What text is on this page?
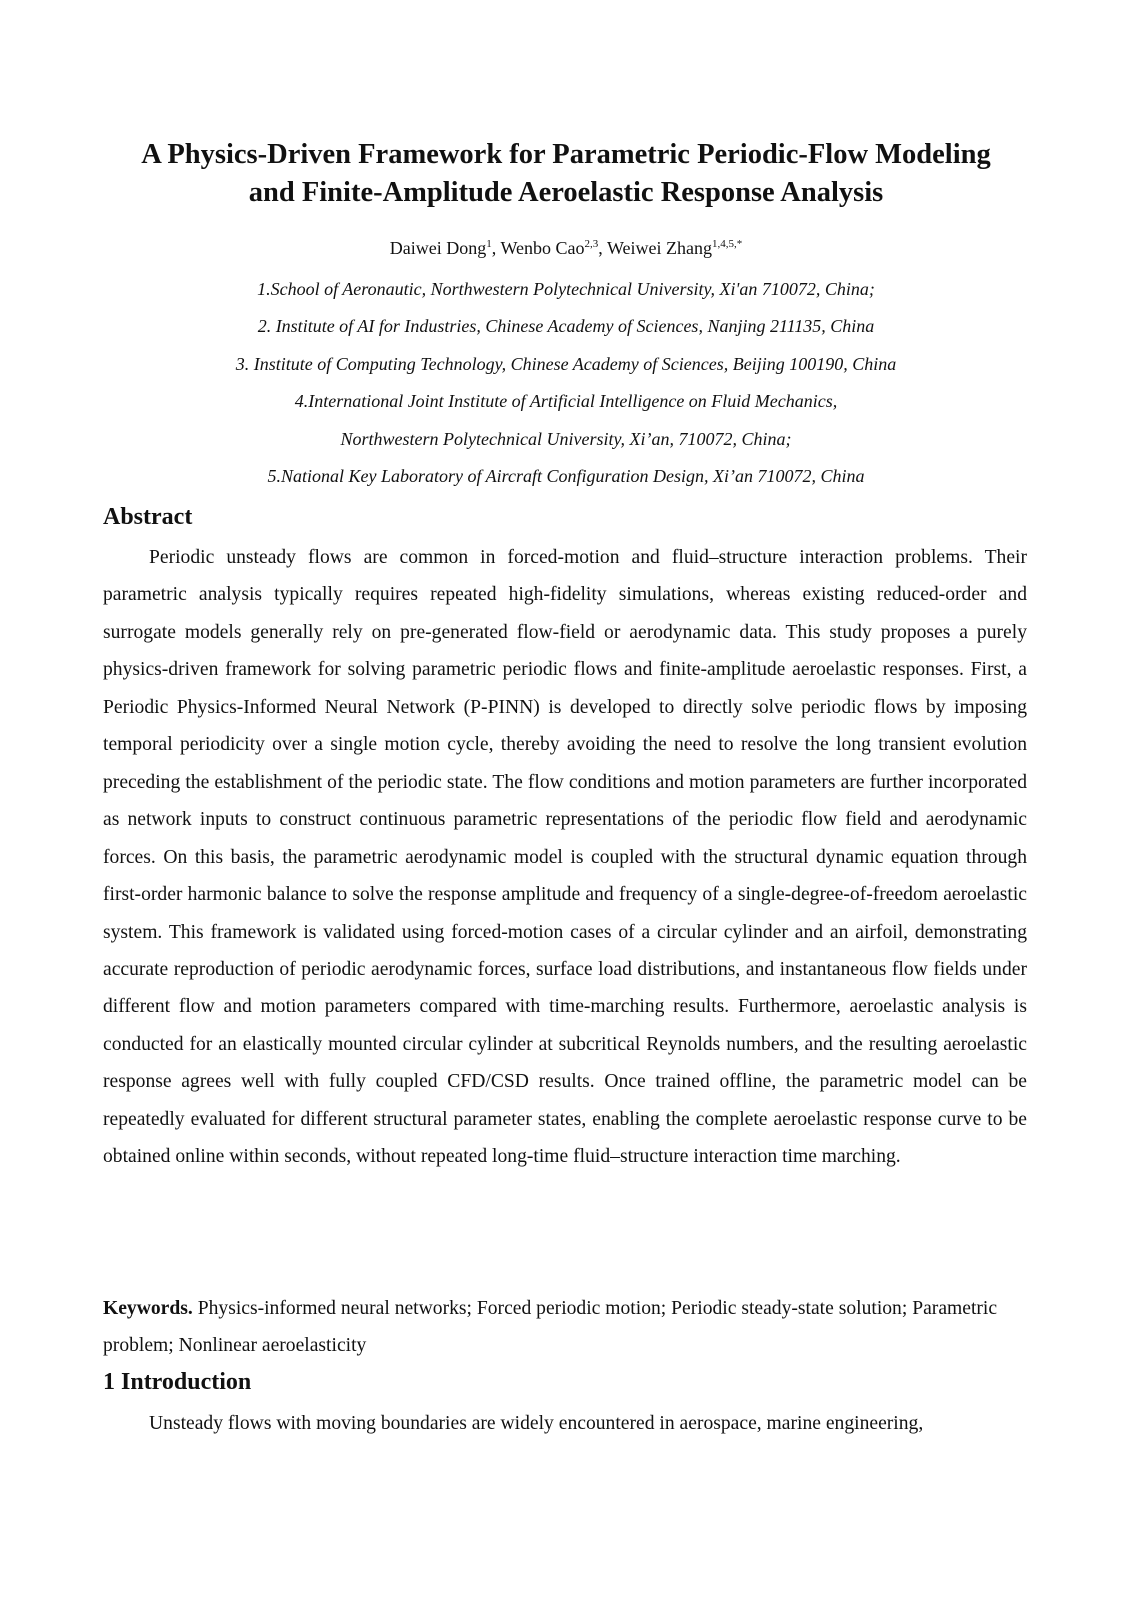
A Physics-Driven Framework for Parametric Periodic-Flow Modeling
and Finite-Amplitude Aeroelastic Response Analysis
Daiwei Dong$^1$, Wenbo Cao$^{2,3}$, Weiwei Zhang$^{1,4,5,*}$
1.School of Aeronautic, Northwestern Polytechnical University, Xi'an 710072, China;
2. Institute of AI for Industries, Chinese Academy of Sciences, Nanjing 211135, China
3. Institute of Computing Technology, Chinese Academy of Sciences, Beijing 100190, China
4.International Joint Institute of Artificial Intelligence on Fluid Mechanics,
Northwestern Polytechnical University, Xi’an, 710072, China;
5.National Key Laboratory of Aircraft Configuration Design, Xi’an 710072, China
Abstract

Periodic unsteady flows are common in forced-motion and fluid–structure interaction problems. Their parametric analysis typically requires repeated high-fidelity simulations, whereas existing reduced-order and surrogate models generally rely on pre-generated flow-field or aerodynamic data. This study proposes a purely physics-driven framework for solving parametric periodic flows and finite-amplitude aeroelastic responses. First, a Periodic Physics-Informed Neural Network (P-PINN) is developed to directly solve periodic flows by imposing temporal periodicity over a single motion cycle, thereby avoiding the need to resolve the long transient evolution preceding the establishment of the periodic state. The flow conditions and motion parameters are further incorporated as network inputs to construct continuous parametric representations of the periodic flow field and aerodynamic forces. On this basis, the parametric aerodynamic model is coupled with the structural dynamic equation through first-order harmonic balance to solve the response amplitude and frequency of a single-degree-of-freedom aeroelastic system. This framework is validated using forced-motion cases of a circular cylinder and an airfoil, demonstrating accurate reproduction of periodic aerodynamic forces, surface load distributions, and instantaneous flow fields under different flow and motion parameters compared with time-marching results. Furthermore, aeroelastic analysis is conducted for an elastically mounted circular cylinder at subcritical Reynolds numbers, and the resulting aeroelastic response agrees well with fully coupled CFD/CSD results. Once trained offline, the parametric model can be repeatedly evaluated for different structural parameter states, enabling the complete aeroelastic response curve to be obtained online within seconds, without repeated long-time fluid–structure interaction time marching.

Keywords. Physics-informed neural networks; Forced periodic motion; Periodic steady-state solution; Parametric problem; Nonlinear aeroelasticity

1 Introduction

Unsteady flows with moving boundaries are widely encountered in aerospace, marine engineering,
